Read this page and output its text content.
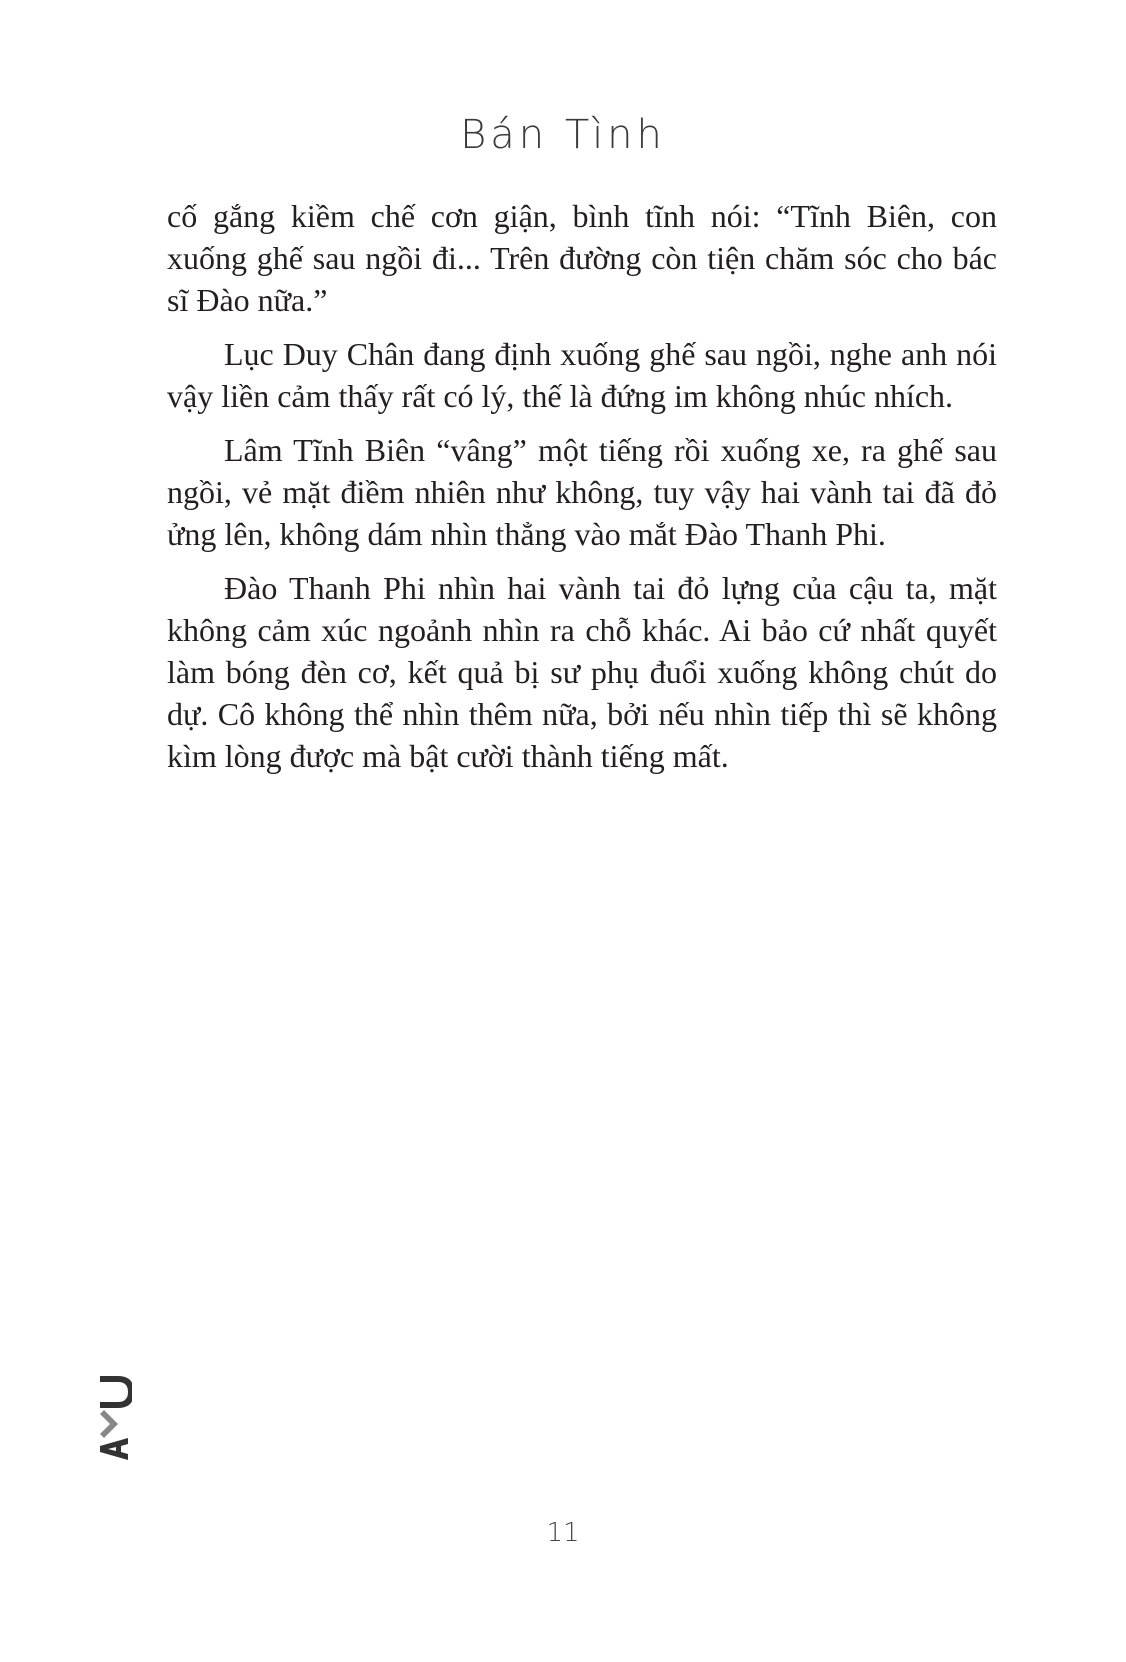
Bán Tình

cố gắng kiềm chế cơn giận, bình tĩnh nói: “Tĩnh Biên, con xuống ghế sau ngồi đi... Trên đường còn tiện chăm sóc cho bác sĩ Đào nữa.”

Lục Duy Chân đang định xuống ghế sau ngồi, nghe anh nói vậy liền cảm thấy rất có lý, thế là đứng im không nhúc nhích.

Lâm Tĩnh Biên “vâng” một tiếng rồi xuống xe, ra ghế sau ngồi, vẻ mặt điềm nhiên như không, tuy vậy hai vành tai đã đỏ ửng lên, không dám nhìn thẳng vào mắt Đào Thanh Phi.

Đào Thanh Phi nhìn hai vành tai đỏ lựng của cậu ta, mặt không cảm xúc ngoảnh nhìn ra chỗ khác. Ai bảo cứ nhất quyết làm bóng đèn cơ, kết quả bị sư phụ đuổi xuống không chút do dự. Cô không thể nhìn thêm nữa, bởi nếu nhìn tiếp thì sẽ không kìm lòng được mà bật cười thành tiếng mất.

11
